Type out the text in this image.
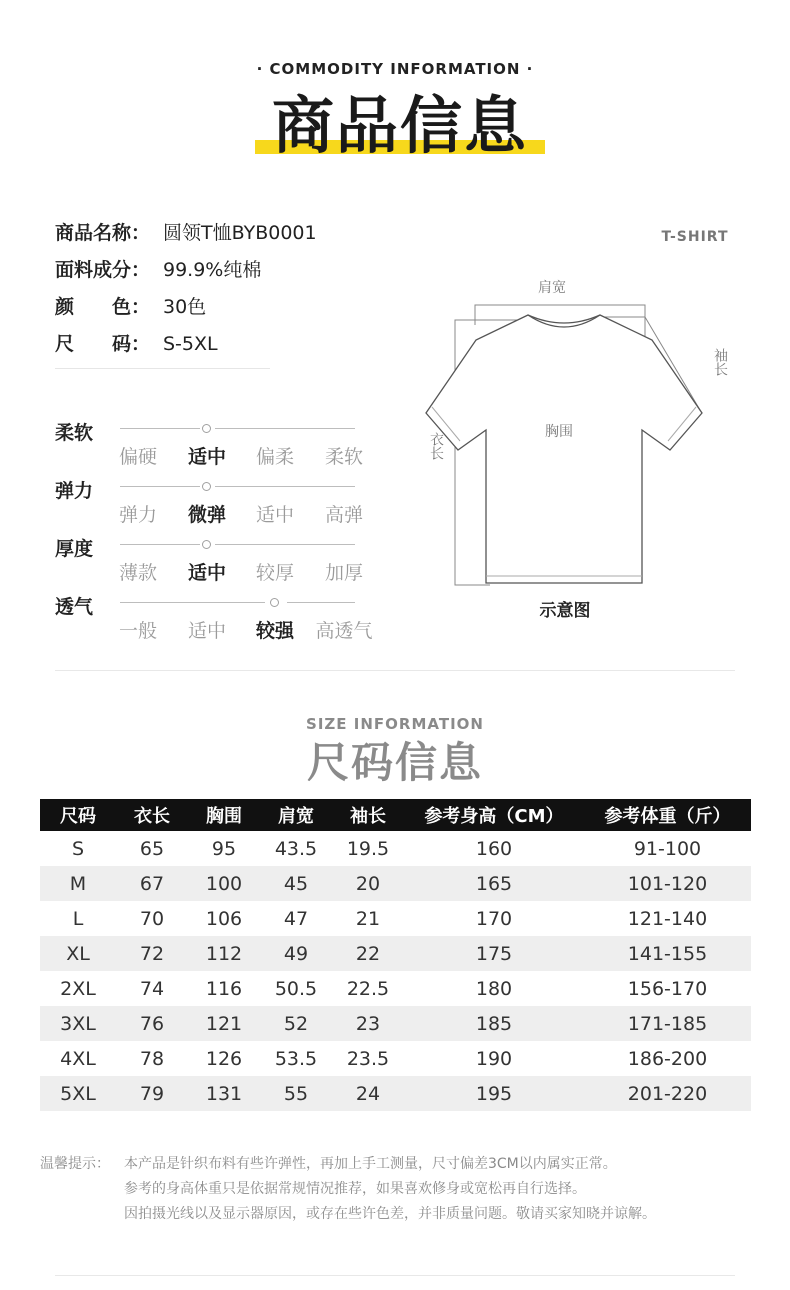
· COMMODITY INFORMATION ·
商品信息
商品名称： 圆领T恤BYB0001
面料成分： 99.9%纯棉
颜　　色： 30色
尺　　码： S-5XL
柔软
偏硬	适中	偏柔	柔软
弹力
弹力	微弹	适中	高弹
厚度
薄款	适中	较厚	加厚
透气
一般	适中	较强	高透气
T-SHIRT
肩宽
袖长
胸围
衣长
示意图
SIZE INFORMATION
尺码信息
尺码	衣长	胸围	肩宽	袖长	参考身高（CM）	参考体重（斤）
S	65	95	43.5	19.5	160	91-100
M	67	100	45	20	165	101-120
L	70	106	47	21	170	121-140
XL	72	112	49	22	175	141-155
2XL	74	116	50.5	22.5	180	156-170
3XL	76	121	52	23	185	171-185
4XL	78	126	53.5	23.5	190	186-200
5XL	79	131	55	24	195	201-220
温馨提示： 本产品是针织布料有些许弹性，再加上手工测量，尺寸偏差3CM以内属实正常。
参考的身高体重只是依据常规情况推荐，如果喜欢修身或宽松再自行选择。
因拍摄光线以及显示器原因，或存在些许色差，并非质量问题。敬请买家知晓并谅解。
